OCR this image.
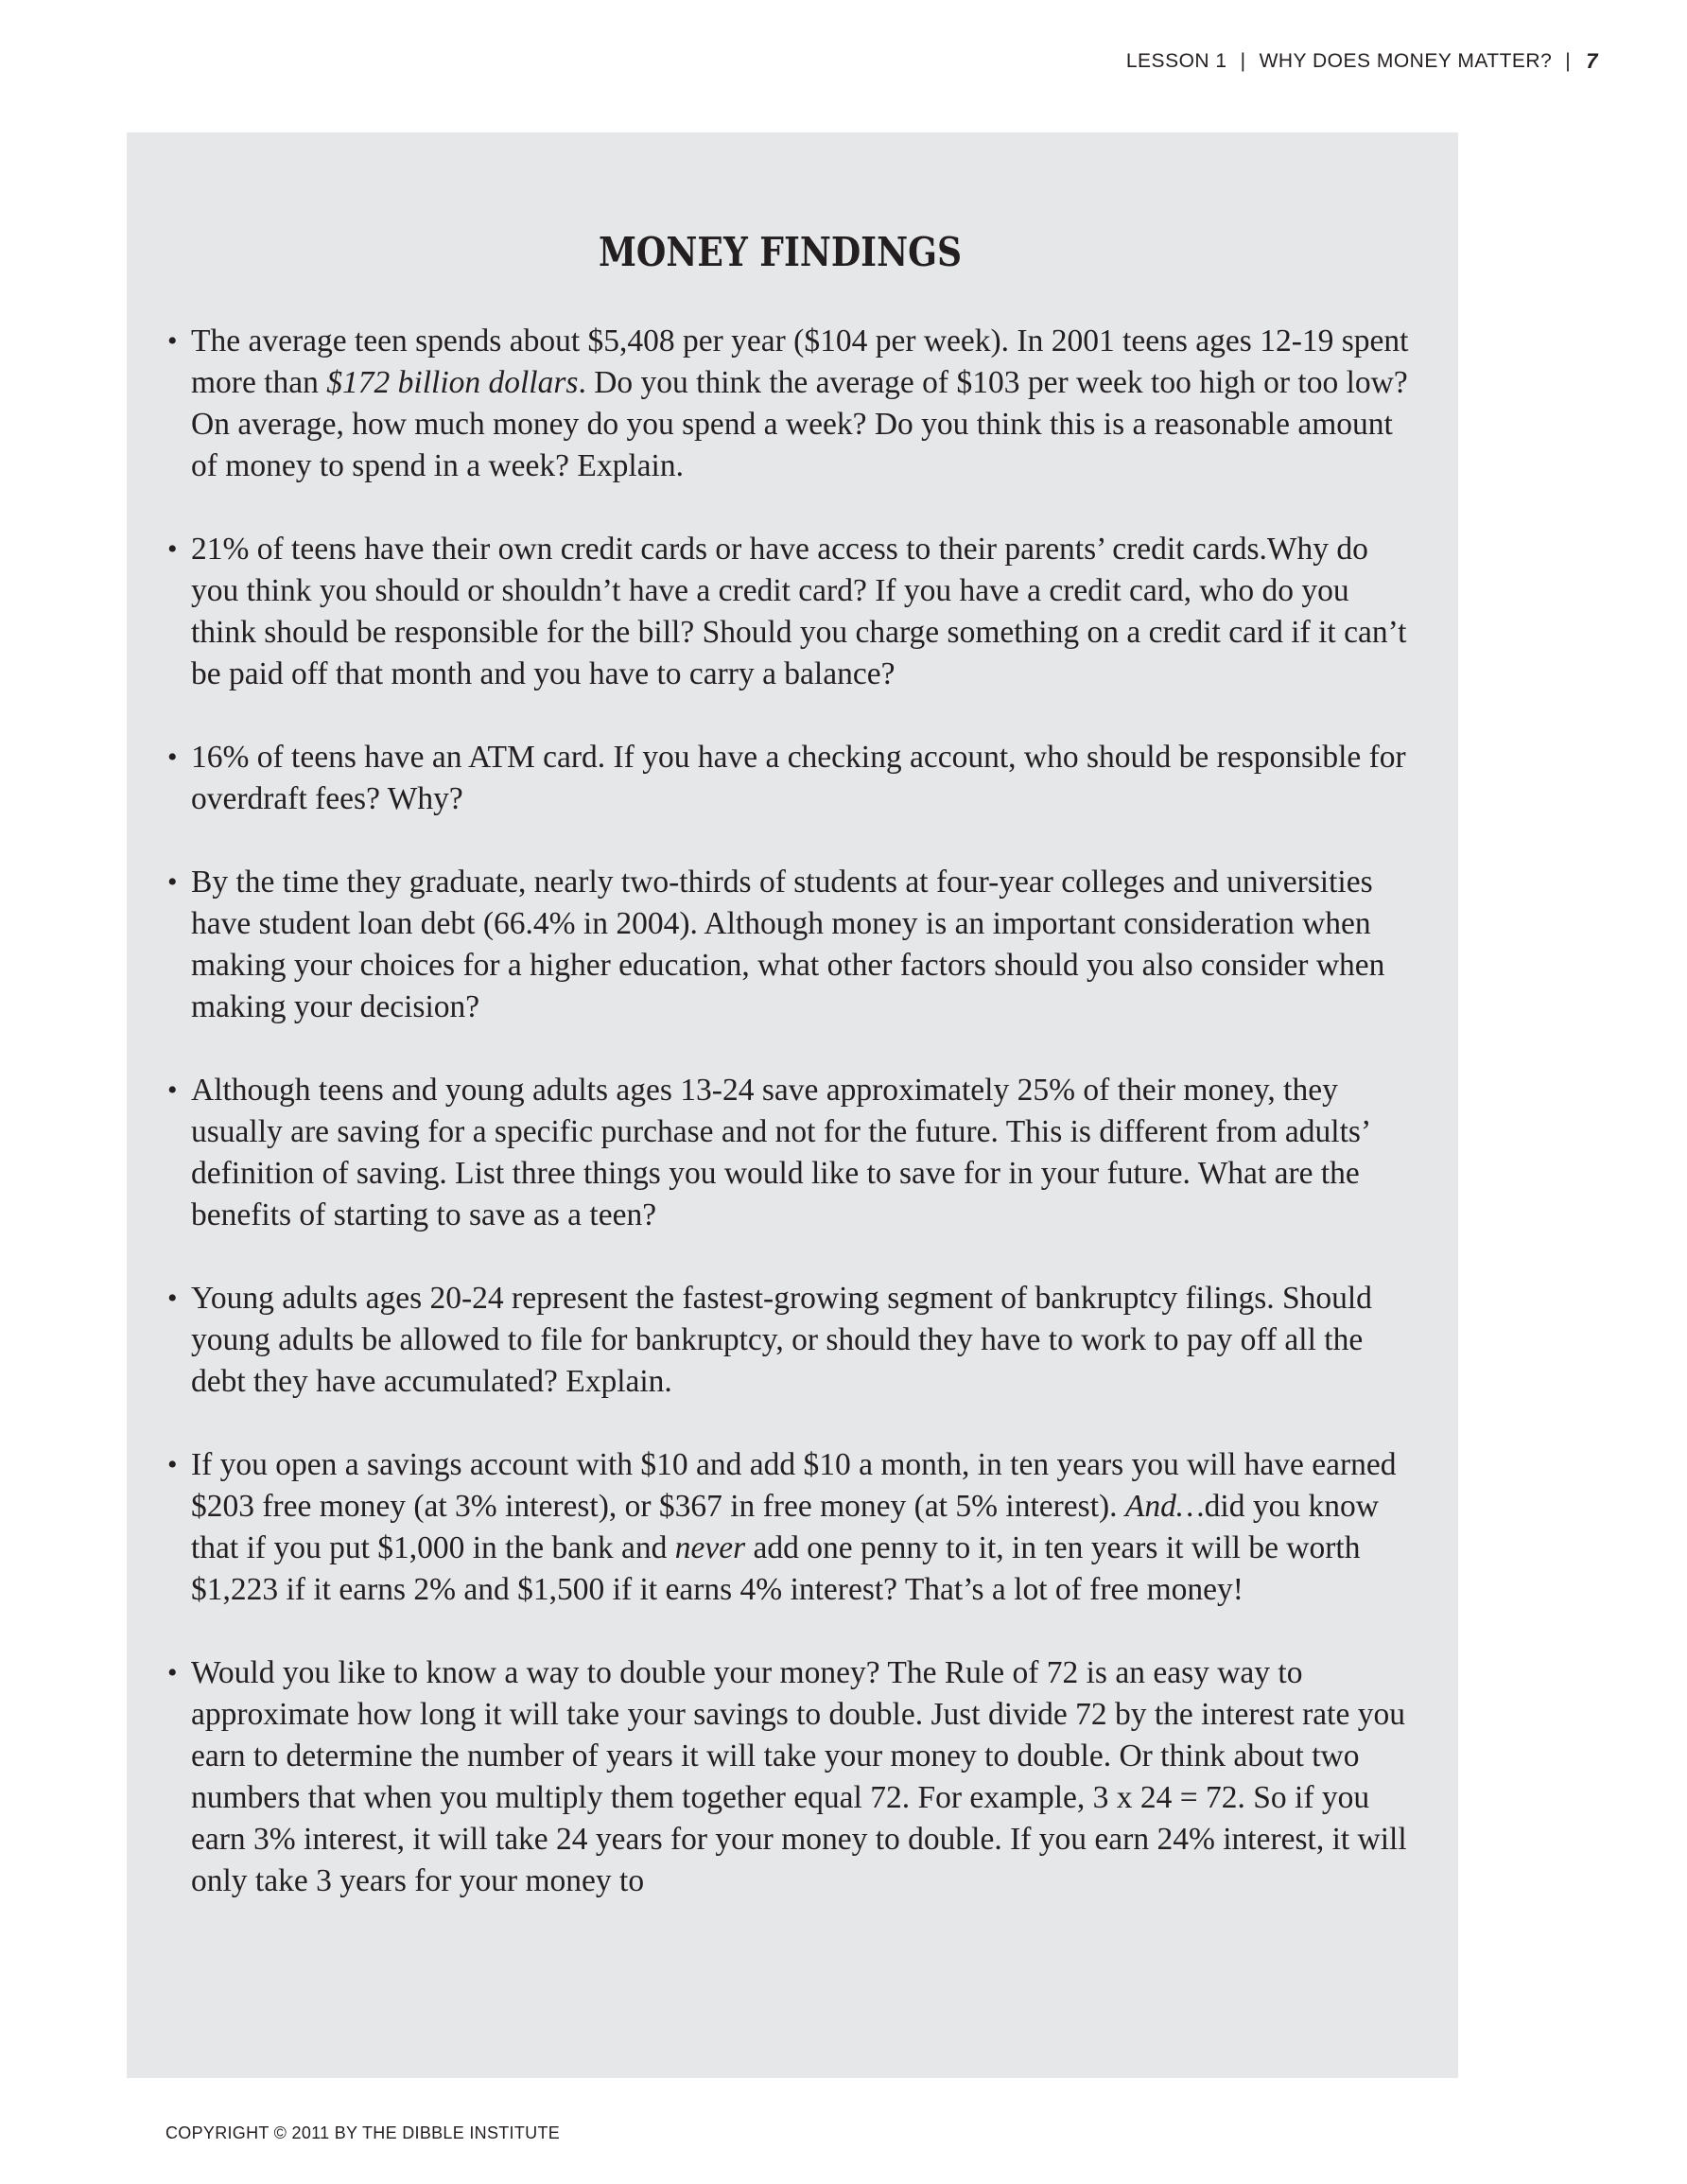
LESSON 1 | WHY DOES MONEY MATTER? | 7
MONEY FINDINGS
• The average teen spends about $5,408 per year ($104 per week). In 2001 teens ages 12-19 spent more than $172 billion dollars. Do you think the average of $103 per week too high or too low? On average, how much money do you spend a week? Do you think this is a reasonable amount of money to spend in a week? Explain.
• 21% of teens have their own credit cards or have access to their parents’ credit cards.Why do you think you should or shouldn’t have a credit card? If you have a credit card, who do you think should be responsible for the bill? Should you charge something on a credit card if it can’t be paid off that month and you have to carry a balance?
• 16% of teens have an ATM card. If you have a checking account, who should be responsible for overdraft fees? Why?
• By the time they graduate, nearly two-thirds of students at four-year colleges and universities have student loan debt (66.4% in 2004). Although money is an important consideration when making your choices for a higher education, what other factors should you also consider when making your decision?
• Although teens and young adults ages 13-24 save approximately 25% of their money, they usually are saving for a specific purchase and not for the future. This is different from adults’ definition of saving. List three things you would like to save for in your future. What are the benefits of starting to save as a teen?
• Young adults ages 20-24 represent the fastest-growing segment of bankruptcy filings. Should young adults be allowed to file for bankruptcy, or should they have to work to pay off all the debt they have accumulated? Explain.
• If you open a savings account with $10 and add $10 a month, in ten years you will have earned $203 free money (at 3% interest), or $367 in free money (at 5% interest). And…did you know that if you put $1,000 in the bank and never add one penny to it, in ten years it will be worth $1,223 if it earns 2% and $1,500 if it earns 4% interest? That’s a lot of free money!
• Would you like to know a way to double your money? The Rule of 72 is an easy way to approximate how long it will take your savings to double. Just divide 72 by the interest rate you earn to determine the number of years it will take your money to double. Or think about two numbers that when you multiply them together equal 72. For example, 3 x 24 = 72. So if you earn 3% interest, it will take 24 years for your money to double. If you earn 24% interest, it will only take 3 years for your money to
COPYRIGHT © 2011 BY THE DIBBLE INSTITUTE
